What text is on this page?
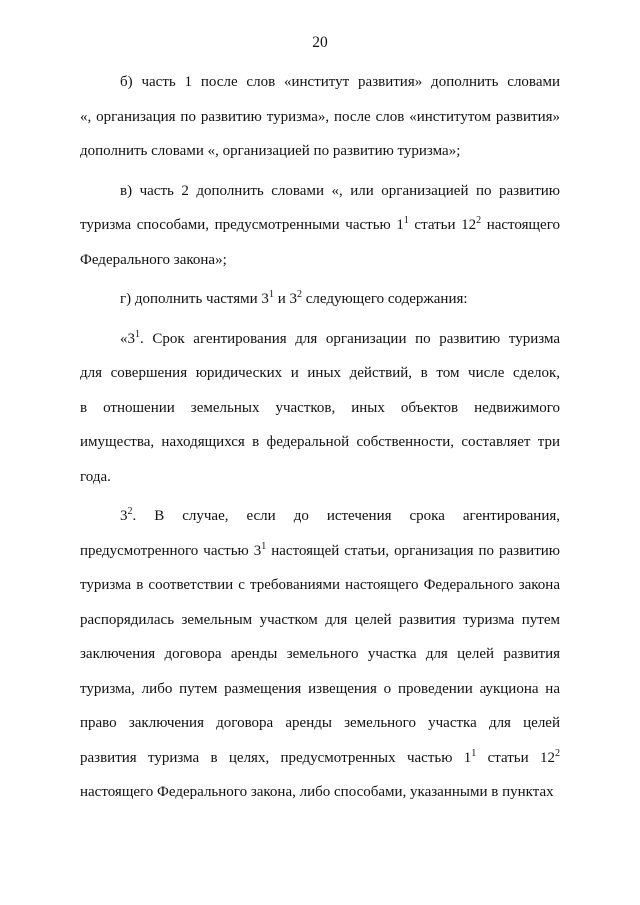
20
б) часть 1 после слов «институт развития» дополнить словами
«, организация по развитию туризма», после слов «институтом развития»
дополнить словами «, организацией по развитию туризма»;
в) часть 2 дополнить словами «, или организацией по развитию
туризма способами, предусмотренными частью $1^1$ статьи $12^2$ настоящего
Федерального закона»;
г) дополнить частями $3^1$ и $3^2$ следующего содержания:
«$3^1$. Срок агентирования для организации по развитию туризма
для совершения юридических и иных действий, в том числе сделок,
в отношении земельных участков, иных объектов недвижимого
имущества, находящихся в федеральной собственности, составляет три
года.
$3^2$. В случае, если до истечения срока агентирования,
предусмотренного частью $3^1$ настоящей статьи, организация по развитию
туризма в соответствии с требованиями настоящего Федерального закона
распорядилась земельным участком для целей развития туризма путем
заключения договора аренды земельного участка для целей развития
туризма, либо путем размещения извещения о проведении аукциона на
право заключения договора аренды земельного участка для целей
развития туризма в целях, предусмотренных частью $1^1$ статьи $12^2$
настоящего Федерального закона, либо способами, указанными в пунктах
